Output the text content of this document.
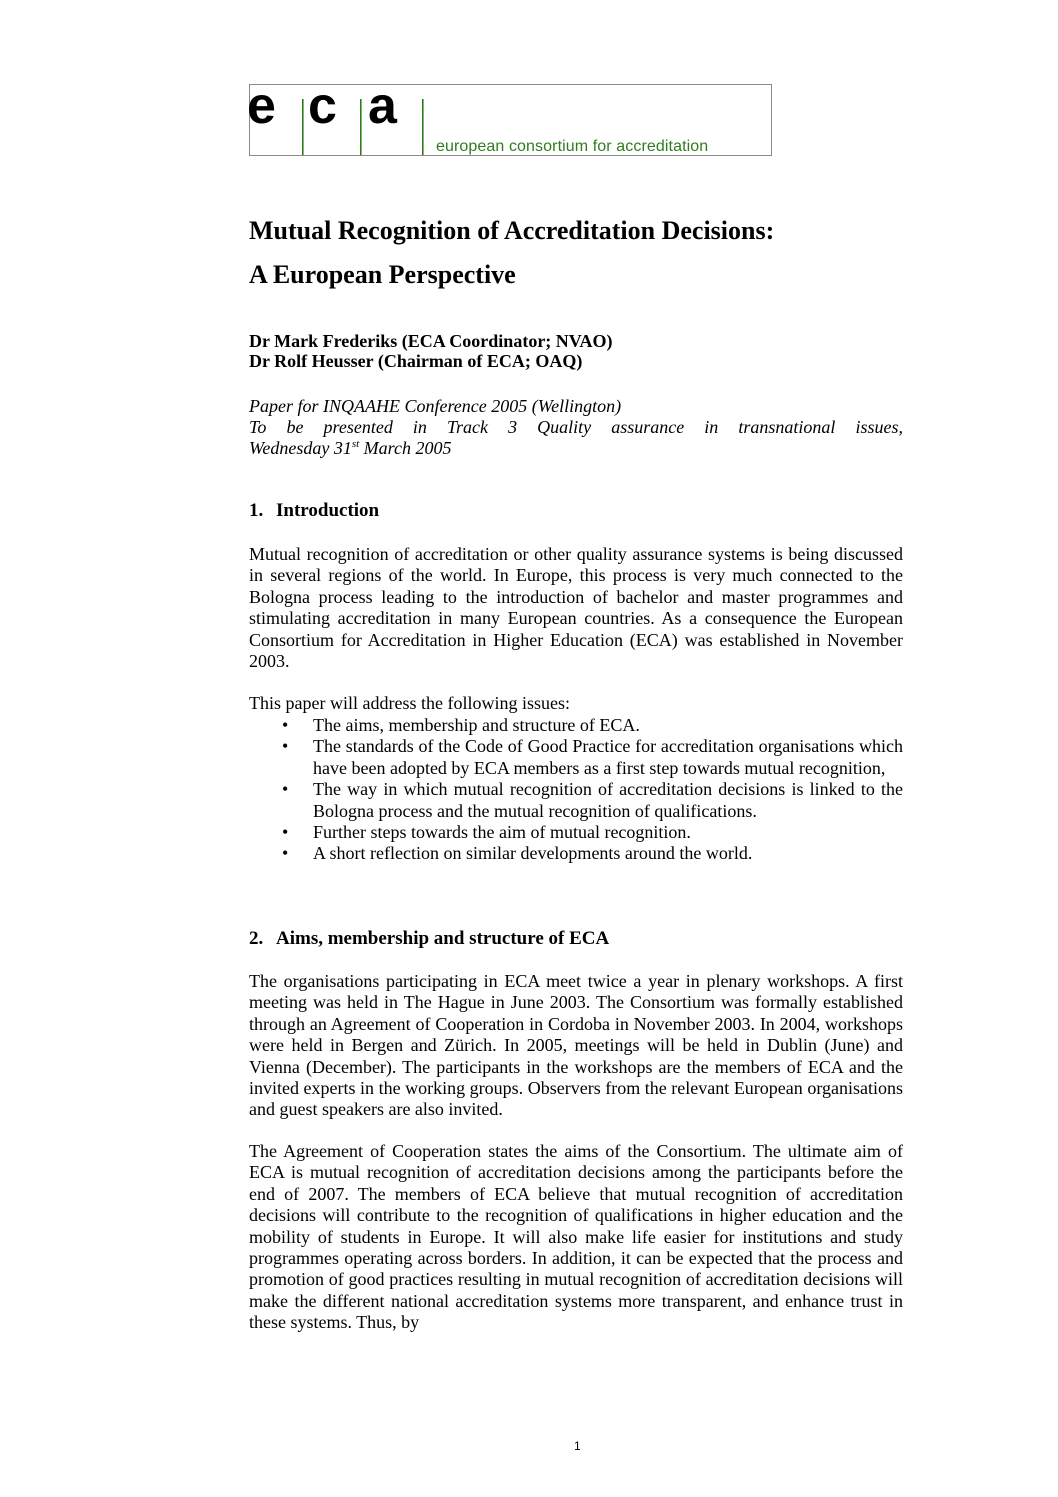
e c a
european consortium for accreditation
Mutual Recognition of Accreditation Decisions:
A European Perspective
Dr Mark Frederiks (ECA Coordinator; NVAO)
Dr Rolf Heusser (Chairman of ECA; OAQ)
Paper for INQAAHE Conference 2005 (Wellington)
To be presented in Track 3 Quality assurance in transnational issues,
Wednesday 31st March 2005
1. Introduction

Mutual recognition of accreditation or other quality assurance systems is being discussed in several regions of the world. In Europe, this process is very much connected to the Bologna process leading to the introduction of bachelor and master programmes and stimulating accreditation in many European countries. As a consequence the European Consortium for Accreditation in Higher Education (ECA) was established in November 2003.

This paper will address the following issues:

• The aims, membership and structure of ECA.
• The standards of the Code of Good Practice for accreditation organisations which have been adopted by ECA members as a first step towards mutual recognition,
• The way in which mutual recognition of accreditation decisions is linked to the Bologna process and the mutual recognition of qualifications.
• Further steps towards the aim of mutual recognition.
• A short reflection on similar developments around the world.
2. Aims, membership and structure of ECA

The organisations participating in ECA meet twice a year in plenary workshops. A first meeting was held in The Hague in June 2003. The Consortium was formally established through an Agreement of Cooperation in Cordoba in November 2003. In 2004, workshops were held in Bergen and Zürich. In 2005, meetings will be held in Dublin (June) and Vienna (December). The participants in the workshops are the members of ECA and the invited experts in the working groups. Observers from the relevant European organisations and guest speakers are also invited.

The Agreement of Cooperation states the aims of the Consortium. The ultimate aim of ECA is mutual recognition of accreditation decisions among the participants before the end of 2007. The members of ECA believe that mutual recognition of accreditation decisions will contribute to the recognition of qualifications in higher education and the mobility of students in Europe. It will also make life easier for institutions and study programmes operating across borders. In addition, it can be expected that the process and promotion of good practices resulting in mutual recognition of accreditation decisions will make the different national accreditation systems more transparent, and enhance trust in these systems. Thus, by

1
